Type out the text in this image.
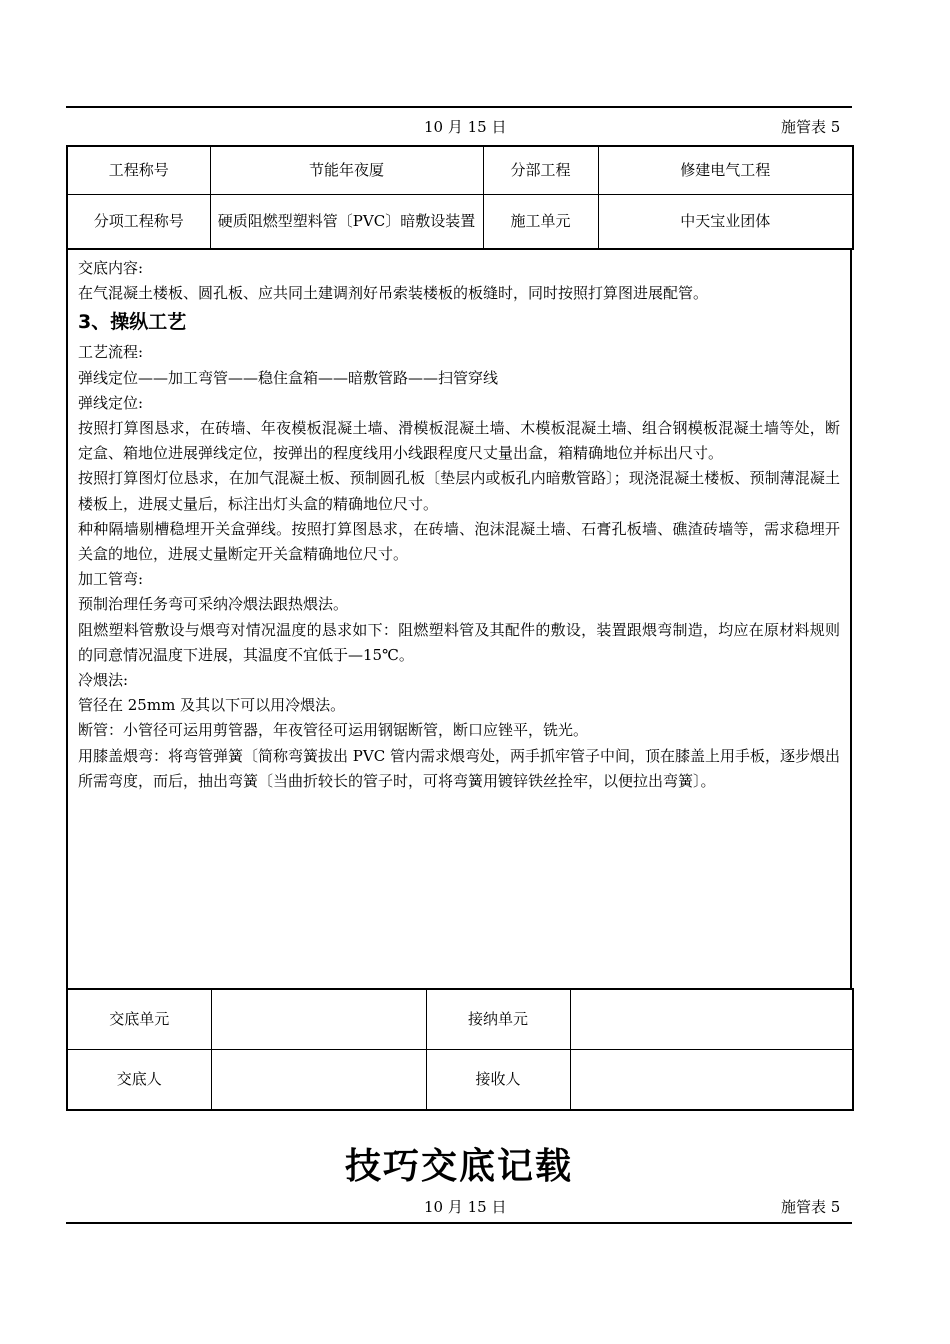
10 月 15 日	施管表 5
工程称号	节能年夜厦	分部工程	修建电气工程
分项工程称号	硬质阻燃型塑料管〔PVC〕暗敷设装置	施工单元	中天宝业团体

交底内容:

在气混凝土楼板、圆孔板、应共同土建调剂好吊索装楼板的板缝时，同时按照打算图进展配管。

3、操纵工艺

工艺流程:

弹线定位——加工弯管——稳住盒箱——暗敷管路——扫管穿线

弹线定位:

按照打算图恳求，在砖墙、年夜模板混凝土墙、滑模板混凝土墙、木模板混凝土墙、组合钢模板混凝土墙等处，断定盒、箱地位进展弹线定位，按弹出的程度线用小线跟程度尺丈量出盒，箱精确地位并标出尺寸。

按照打算图灯位恳求，在加气混凝土板、预制圆孔板〔垫层内或板孔内暗敷管路〕；现浇混凝土楼板、预制薄混凝土楼板上，进展丈量后，标注出灯头盒的精确地位尺寸。

种种隔墙剔槽稳埋开关盒弹线。按照打算图恳求，在砖墙、泡沫混凝土墙、石膏孔板墙、礁渣砖墙等，需求稳埋开关盒的地位，进展丈量断定开关盒精确地位尺寸。

加工管弯:

预制治理任务弯可采纳冷煨法跟热煨法。

阻燃塑料管敷设与煨弯对情况温度的恳求如下：阻燃塑料管及其配件的敷设，装置跟煨弯制造，均应在原材料规则的同意情况温度下进展，其温度不宜低于—15℃。

冷煨法:

管径在 25mm 及其以下可以用冷煨法。

断管：小管径可运用剪管器，年夜管径可运用钢锯断管，断口应锉平，铣光。

用膝盖煨弯：将弯管弹簧〔简称弯簧拔出 PVC 管内需求煨弯处，两手抓牢管子中间，顶在膝盖上用手板，逐步煨出所需弯度，而后，抽出弯簧〔当曲折较长的管子时，可将弯簧用镀锌铁丝拴牢，以便拉出弯簧〕。

交底单元		接纳单元	
交底人		接收人	
技巧交底记载
10 月 15 日	施管表 5
